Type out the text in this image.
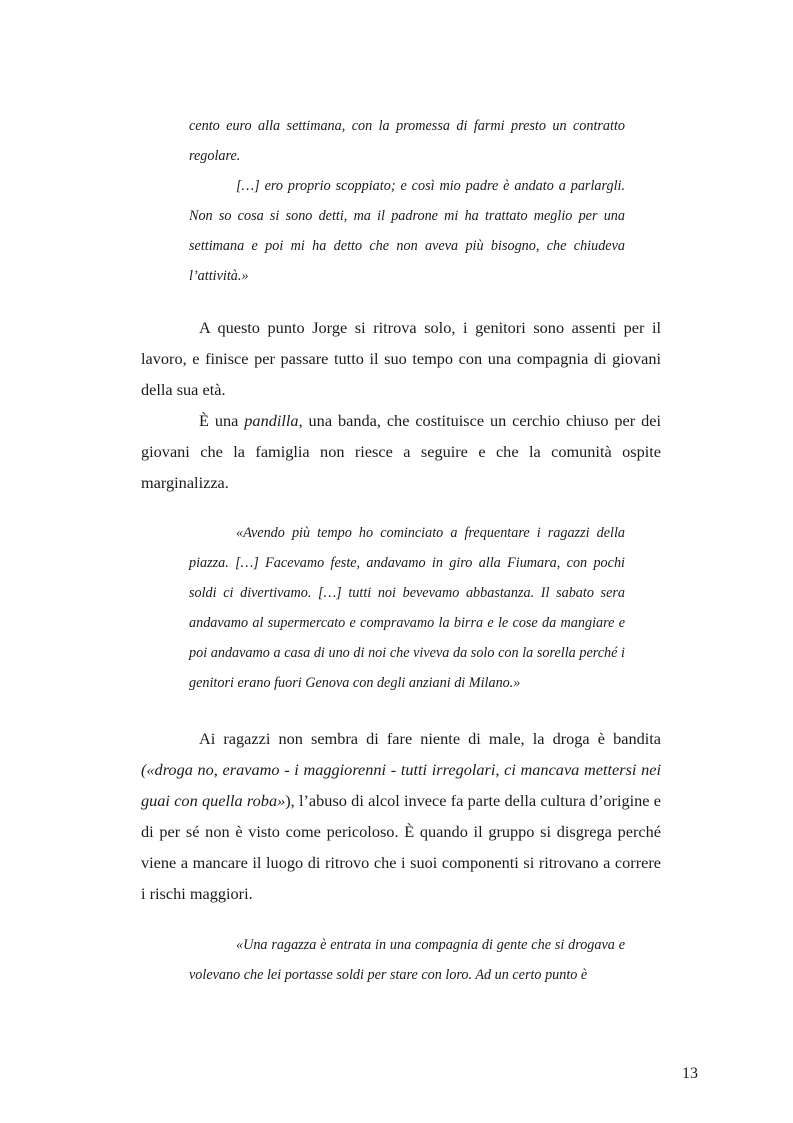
cento euro alla settimana, con la promessa di farmi presto un contratto regolare.

[…] ero proprio scoppiato; e così mio padre è andato a parlargli. Non so cosa si sono detti, ma il padrone mi ha trattato meglio per una settimana e poi mi ha detto che non aveva più bisogno, che chiudeva l’attività.»

A questo punto Jorge si ritrova solo, i genitori sono assenti per il lavoro, e finisce per passare tutto il suo tempo con una compagnia di giovani della sua età.

È una pandilla, una banda, che costituisce un cerchio chiuso per dei giovani che la famiglia non riesce a seguire e che la comunità ospite marginalizza.

«Avendo più tempo ho cominciato a frequentare i ragazzi della piazza. […] Facevamo feste, andavamo in giro alla Fiumara, con pochi soldi ci divertivamo. […] tutti noi bevevamo abbastanza. Il sabato sera andavamo al supermercato e compravamo la birra e le cose da mangiare e poi andavamo a casa di uno di noi che viveva da solo con la sorella perché i genitori erano fuori Genova con degli anziani di Milano.»

Ai ragazzi non sembra di fare niente di male, la droga è bandita («droga no, eravamo - i maggiorenni - tutti irregolari, ci mancava mettersi nei guai con quella roba»), l’abuso di alcol invece fa parte della cultura d’origine e di per sé non è visto come pericoloso. È quando il gruppo si disgrega perché viene a mancare il luogo di ritrovo che i suoi componenti si ritrovano a correre i rischi maggiori.

«Una ragazza è entrata in una compagnia di gente che si drogava e volevano che lei portasse soldi per stare con loro. Ad un certo punto è

13
